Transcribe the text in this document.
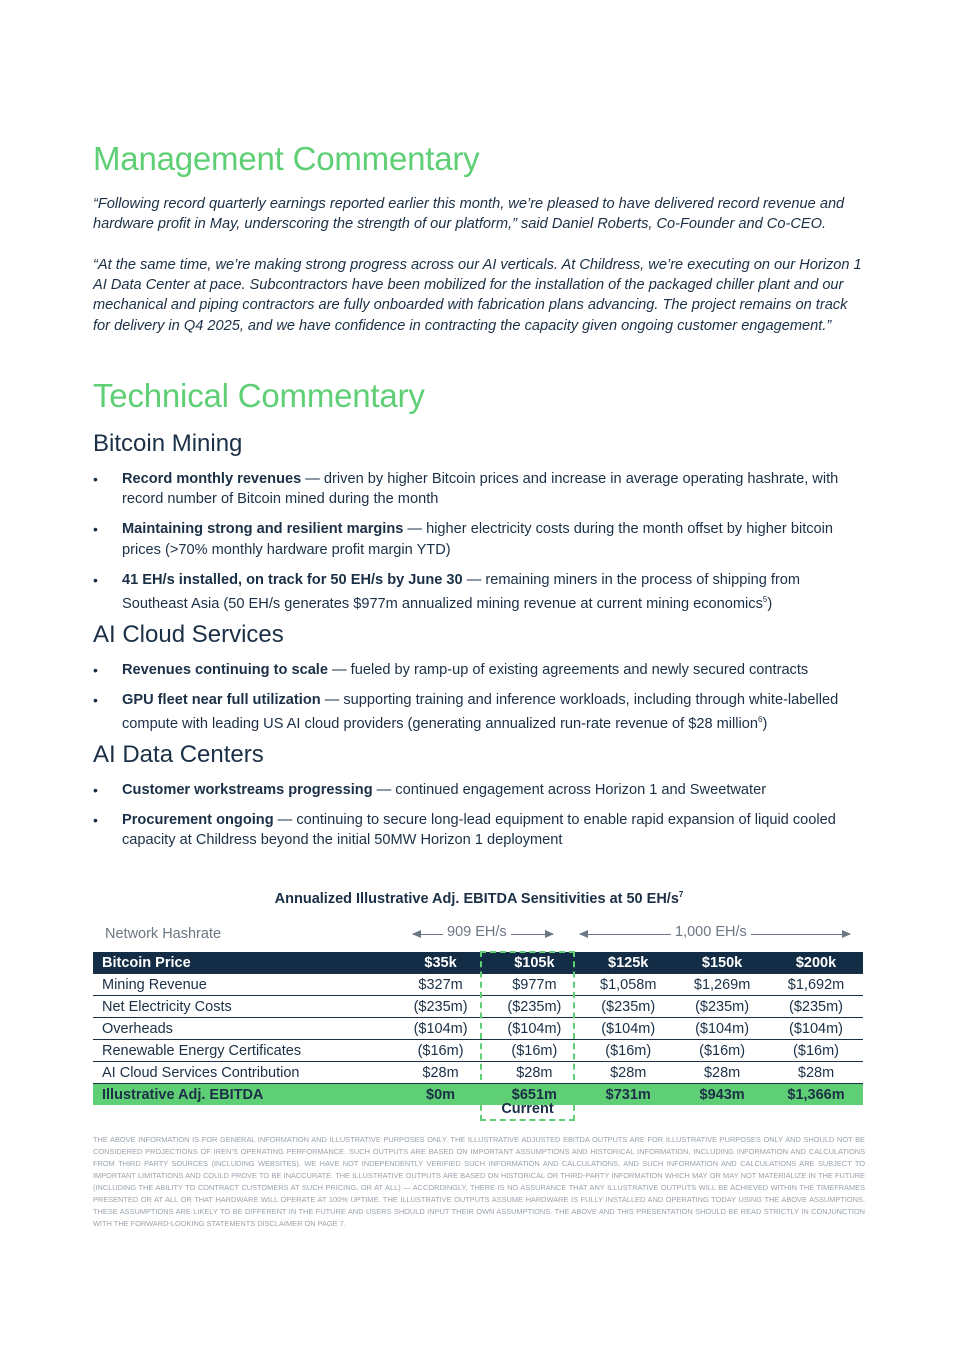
Management Commentary

“Following record quarterly earnings reported earlier this month, we’re pleased to have delivered record revenue and hardware profit in May, underscoring the strength of our platform,” said Daniel Roberts, Co-Founder and Co-CEO.

“At the same time, we’re making strong progress across our AI verticals. At Childress, we’re executing on our Horizon 1 AI Data Center at pace. Subcontractors have been mobilized for the installation of the packaged chiller plant and our mechanical and piping contractors are fully onboarded with fabrication plans advancing. The project remains on track for delivery in Q4 2025, and we have confidence in contracting the capacity given ongoing customer engagement.”

Technical Commentary
Bitcoin Mining
• Record monthly revenues — driven by higher Bitcoin prices and increase in average operating hashrate, with record number of Bitcoin mined during the month
• Maintaining strong and resilient margins — higher electricity costs during the month offset by higher bitcoin prices (>70% monthly hardware profit margin YTD)
• 41 EH/s installed, on track for 50 EH/s by June 30 — remaining miners in the process of shipping from Southeast Asia (50 EH/s generates $977m annualized mining revenue at current mining economics$^5$)
AI Cloud Services
• Revenues continuing to scale — fueled by ramp-up of existing agreements and newly secured contracts
• GPU fleet near full utilization — supporting training and inference workloads, including through white-labelled compute with leading US AI cloud providers (generating annualized run-rate revenue of $28 million$^6$)
AI Data Centers
• Customer workstreams progressing — continued engagement across Horizon 1 and Sweetwater
• Procurement ongoing — continuing to secure long-lead equipment to enable rapid expansion of liquid cooled capacity at Childress beyond the initial 50MW Horizon 1 deployment
Annualized Illustrative Adj. EBITDA Sensitivities at 50 $EH/s^7$
Network Hashrate	909 EH/s	1,000 EH/s
Bitcoin Price	$35k	$105k	$125k	$150k	$200k
Mining Revenue	$327m	$977m	$1,058m	$1,269m	$1,692m
Net Electricity Costs	($235m)	($235m)	($235m)	($235m)	($235m)
Overheads	($104m)	($104m)	($104m)	($104m)	($104m)
Renewable Energy Certificates	($16m)	($16m)	($16m)	($16m)	($16m)
AI Cloud Services Contribution	$28m	$28m	$28m	$28m	$28m
Illustrative Adj. EBITDA	$0m	$651m	$731m	$943m	$1,366m
Current

THE ABOVE INFORMATION IS FOR GENERAL INFORMATION AND ILLUSTRATIVE PURPOSES ONLY. THE ILLUSTRATIVE ADJUSTED EBITDA OUTPUTS ARE FOR ILLUSTRATIVE PURPOSES ONLY AND SHOULD NOT BE CONSIDERED PROJECTIONS OF IREN’S OPERATING PERFORMANCE. SUCH OUTPUTS ARE BASED ON IMPORTANT ASSUMPTIONS AND HISTORICAL INFORMATION, INCLUDING INFORMATION AND CALCULATIONS FROM THIRD PARTY SOURCES (INCLUDING WEBSITES). WE HAVE NOT INDEPENDENTLY VERIFIED SUCH INFORMATION AND CALCULATIONS, AND SUCH INFORMATION AND CALCULATIONS ARE SUBJECT TO IMPORTANT LIMITATIONS AND COULD PROVE TO BE INACCURATE. THE ILLUSTRATIVE OUTPUTS ARE BASED ON HISTORICAL OR THIRD-PARTY INFORMATION WHICH MAY OR MAY NOT MATERIALIZE IN THE FUTURE (INCLUDING THE ABILITY TO CONTRACT CUSTOMERS AT SUCH PRICING, OR AT ALL) — ACCORDINGLY, THERE IS NO ASSURANCE THAT ANY ILLUSTRATIVE OUTPUTS WILL BE ACHIEVED WITHIN THE TIMEFRAMES PRESENTED OR AT ALL OR THAT HARDWARE WILL OPERATE AT 100% UPTIME. THE ILLUSTRATIVE OUTPUTS ASSUME HARDWARE IS FULLY INSTALLED AND OPERATING TODAY USING THE ABOVE ASSUMPTIONS. THESE ASSUMPTIONS ARE LIKELY TO BE DIFFERENT IN THE FUTURE AND USERS SHOULD INPUT THEIR OWN ASSUMPTIONS. THE ABOVE AND THIS PRESENTATION SHOULD BE READ STRICTLY IN CONJUNCTION WITH THE FORWARD-LOOKING STATEMENTS DISCLAIMER ON PAGE 7.
